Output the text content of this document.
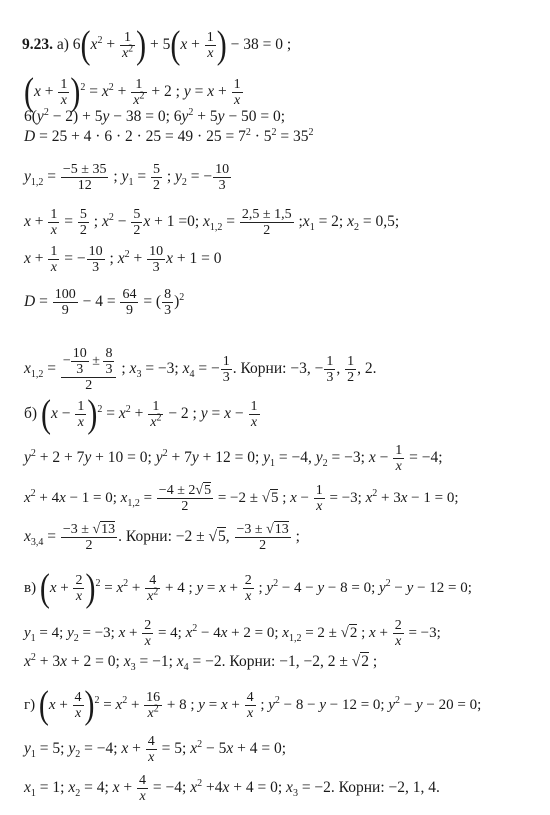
9.23. а) $6(x^2 + \frac{1}{x^2}$ ) + $5(x + \frac{1}{x}$ ) − 38 = 0 ;
$(x + \frac{1}{x} )^2 = x^2 + \frac{1}{x^2} + 2$ ; $y = x + \frac{1}{x}$
$6(y^2 - 2) + 5y - 38 = 0$; $6y^2 + 5y - 50 = 0$;
$D = 25 + 4 \cdot 6 \cdot 2 \cdot 25 = 49 \cdot 25 = 7^2 \cdot 5^2 = 35^2$
$y_{1,2} = \frac{-5 \pm 35}{12}$ ; $y_1 = \frac{5}{2}$ ; $y_2$ = − $\frac{10}{3}$
$x + \frac{1}{x} = \frac{5}{2}$ ; $x^2 - \frac{5}{2}$ x + 1 =0; $x_{1,2} = \frac{2,5 \pm 1,5}{2}$ $;x_1 = 2$; $x_2 = 0,5$;
$x + \frac{1}{x}$ = − $\frac{10}{3}$ ; $x^2 + \frac{10}{3}$ x + 1 = 0
$D = \frac{100}{9} - 4 = \frac{64}{9}$ = ( $\frac{8}{3} )^2$
$x_{1,2} = \frac{- \frac{10}{3} \pm \frac{8}{3}}{2}$ ; $x_3 = -3$; $x_4$ = − $\frac{1}{3}$ . Корни: −3, − $\frac{1}{3}$ , $\frac{1}{2}$ , 2.
б) $(x - \frac{1}{x} )^2 = x^2 + \frac{1}{x^2} - 2$ ; $y = x - \frac{1}{x}$
$y^2 + 2 + 7y + 10 = 0$; $y^2 + 7y + 12 = 0$; $y_1 = -4$, $y_2 = -3$; $x - \frac{1}{x} = -4$;
$x^2 + 4x - 1 = 0$; $x_{1,2} = \frac{-4 \pm 2√5}{2} = -2 \pm √5$ ; $x - \frac{1}{x} = -3$; $x^2 + 3x - 1 = 0$;
$x_{3,4} = \frac{-3 \pm √13}{2}$ . Корни: −2 ± √5, $\frac{-3 \pm √13}{2}$ ;
в) $(x + \frac{2}{x} )^2 = x^2 + \frac{4}{x^2} + 4$ ; $y = x + \frac{2}{x}$ ; $y^2 - 4 - y - 8 = 0$; $y^2 - y - 12 = 0$;
$y_1 = 4$; $y_2 = -3$; $x + \frac{2}{x} = 4$; $x^2 - 4x + 2 = 0$; $x_{1,2} = 2 \pm √2$ ; $x + \frac{2}{x} = -3$;
$x^2 + 3x + 2 = 0$; $x_3 = -1$; $x_4 = -2$. Корни: −1, −2, 2 ± √2 ;
г) $(x + \frac{4}{x} )^2 = x^2 + \frac{16}{x^2} + 8$ ; $y = x + \frac{4}{x}$ ; $y^2 - 8 - y - 12 = 0$; $y^2 - y - 20 = 0$;
$y_1 = 5$; $y_2 = -4$; $x + \frac{4}{x} = 5$; $x^2 - 5x + 4 = 0$;
$x_1 = 1$; $x_2 = 4$; $x + \frac{4}{x} = -4$; $x^2 +4x + 4 = 0$; $x_3 = -2$. Корни: −2, 1, 4.
